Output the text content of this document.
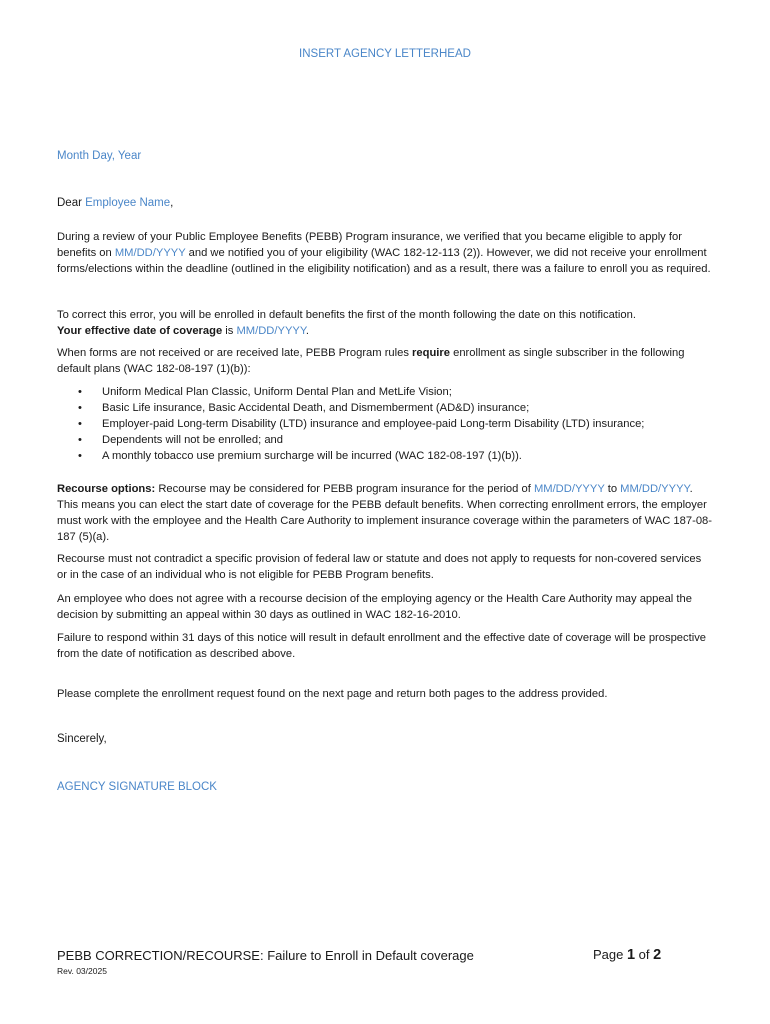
INSERT AGENCY LETTERHEAD
Month Day, Year
Dear Employee Name,

During a review of your Public Employee Benefits (PEBB) Program insurance, we verified that you became eligible to apply for benefits on MM/DD/YYYY and we notified you of your eligibility (WAC 182-12-113 (2)). However, we did not receive your enrollment forms/elections within the deadline (outlined in the eligibility notification) and as a result, there was a failure to enroll you as required.

To correct this error, you will be enrolled in default benefits the first of the month following the date on this notification.
Your effective date of coverage is MM/DD/YYYY.

When forms are not received or are received late, PEBB Program rules require enrollment as single subscriber in the following default plans (WAC 182-08-197 (1)(b)):

• Uniform Medical Plan Classic, Uniform Dental Plan and MetLife Vision;
• Basic Life insurance, Basic Accidental Death, and Dismemberment (AD&D) insurance;
• Employer-paid Long-term Disability (LTD) insurance and employee-paid Long-term Disability (LTD) insurance;
• Dependents will not be enrolled; and
• A monthly tobacco use premium surcharge will be incurred (WAC 182-08-197 (1)(b)).

Recourse options: Recourse may be considered for PEBB program insurance for the period of MM/DD/YYYY to MM/DD/YYYY. This means you can elect the start date of coverage for the PEBB default benefits. When correcting enrollment errors, the employer must work with the employee and the Health Care Authority to implement insurance coverage within the parameters of WAC 187-08-187 (5)(a).

Recourse must not contradict a specific provision of federal law or statute and does not apply to requests for non-covered services or in the case of an individual who is not eligible for PEBB Program benefits.

An employee who does not agree with a recourse decision of the employing agency or the Health Care Authority may appeal the decision by submitting an appeal within 30 days as outlined in WAC 182-16-2010.

Failure to respond within 31 days of this notice will result in default enrollment and the effective date of coverage will be prospective from the date of notification as described above.

Please complete the enrollment request found on the next page and return both pages to the address provided.

Sincerely,
AGENCY SIGNATURE BLOCK
PEBB CORRECTION/RECOURSE: Failure to Enroll in Default coverage	Page 1 of 2
Rev. 03/2025
